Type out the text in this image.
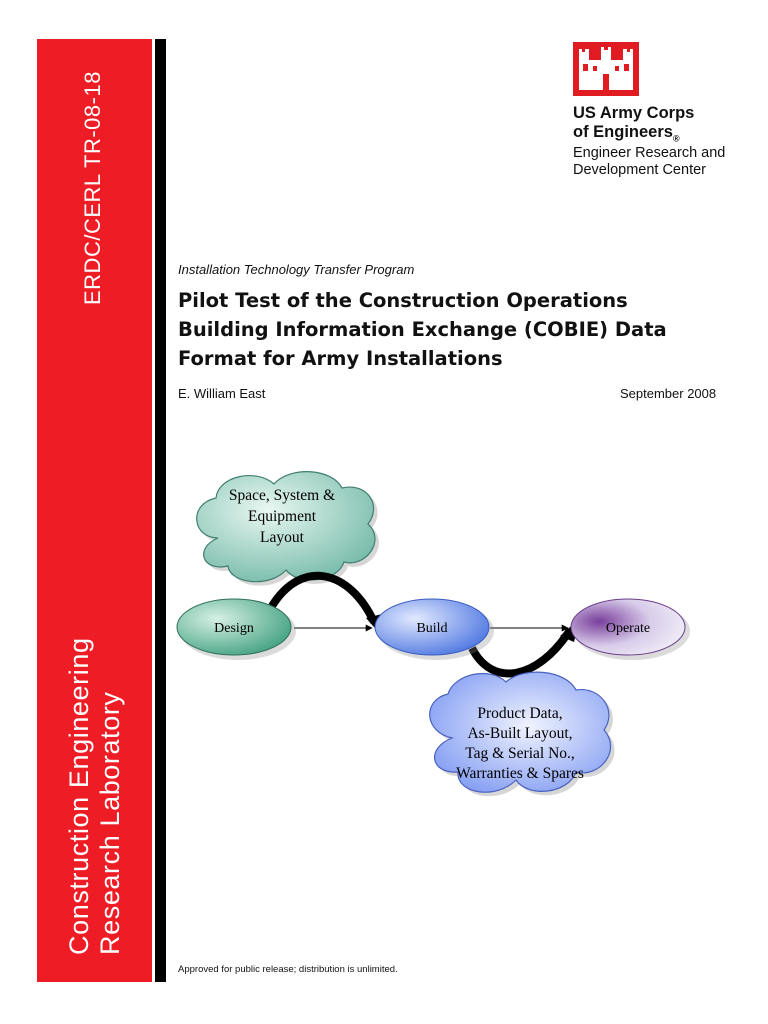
ERDC/CERL TR-08-18
Construction Engineering Research Laboratory
US Army Corps
of Engineers$_®$
Engineer Research and
Development Center
Installation Technology Transfer Program
Pilot Test of the Construction Operations
Building Information Exchange (COBIE) Data
Format for Army Installations
E. William East	September 2008
Space, System &
Equipment
Layout
Design	Build	Operate
Product Data,
As-Built Layout,
Tag & Serial No.,
Warranties & Spares
Approved for public release; distribution is unlimited.
